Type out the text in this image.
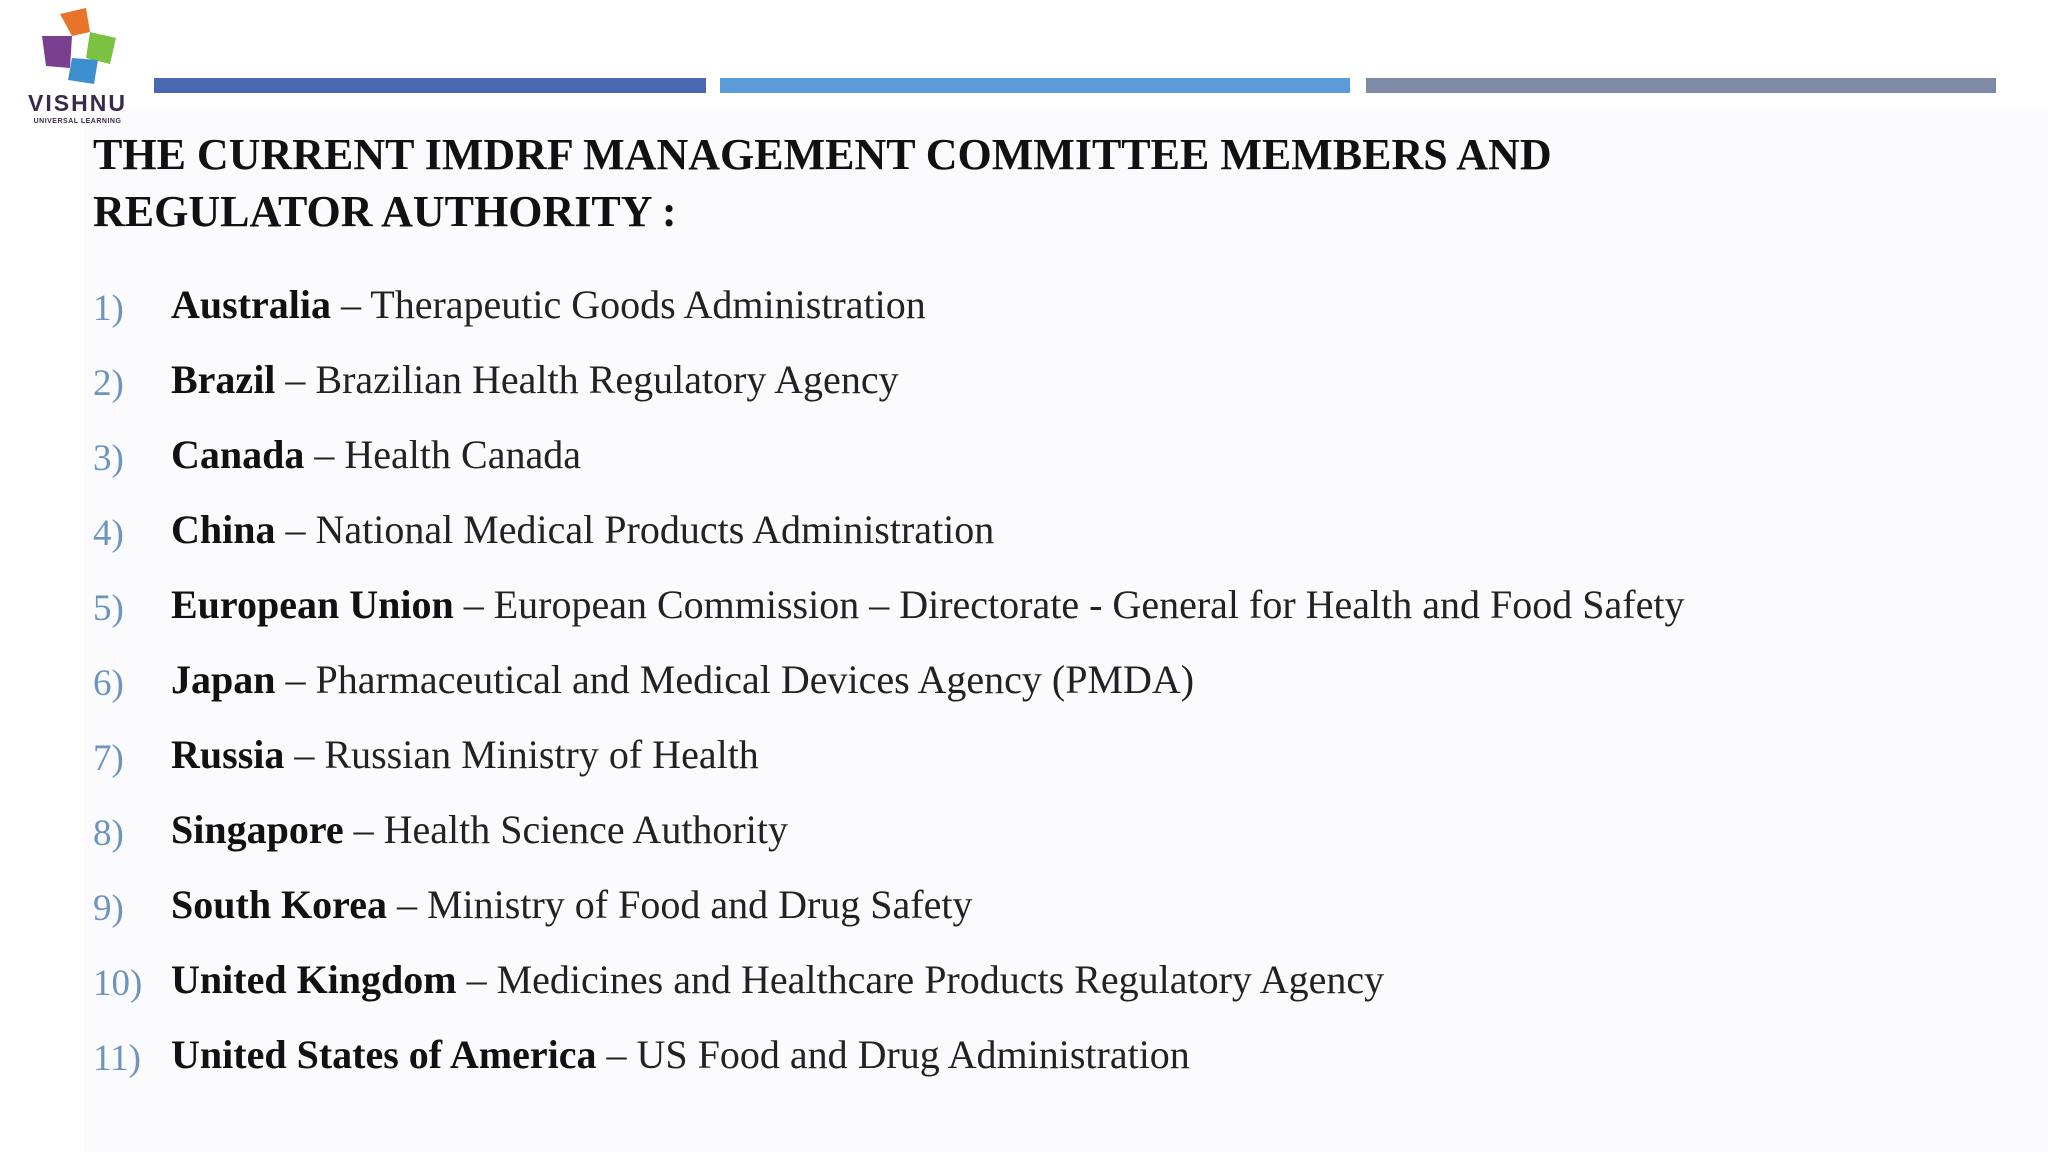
VISHNU
UNIVERSAL LEARNING
THE CURRENT IMDRF MANAGEMENT COMMITTEE MEMBERS AND
REGULATOR AUTHORITY :
1) Australia – Therapeutic Goods Administration
2) Brazil – Brazilian Health Regulatory Agency
3) Canada – Health Canada
4) China – National Medical Products Administration
5) European Union – European Commission – Directorate - General for Health and Food Safety
6) Japan – Pharmaceutical and Medical Devices Agency (PMDA)
7) Russia – Russian Ministry of Health
8) Singapore – Health Science Authority
9) South Korea – Ministry of Food and Drug Safety
10) United Kingdom – Medicines and Healthcare Products Regulatory Agency
11) United States of America – US Food and Drug Administration
